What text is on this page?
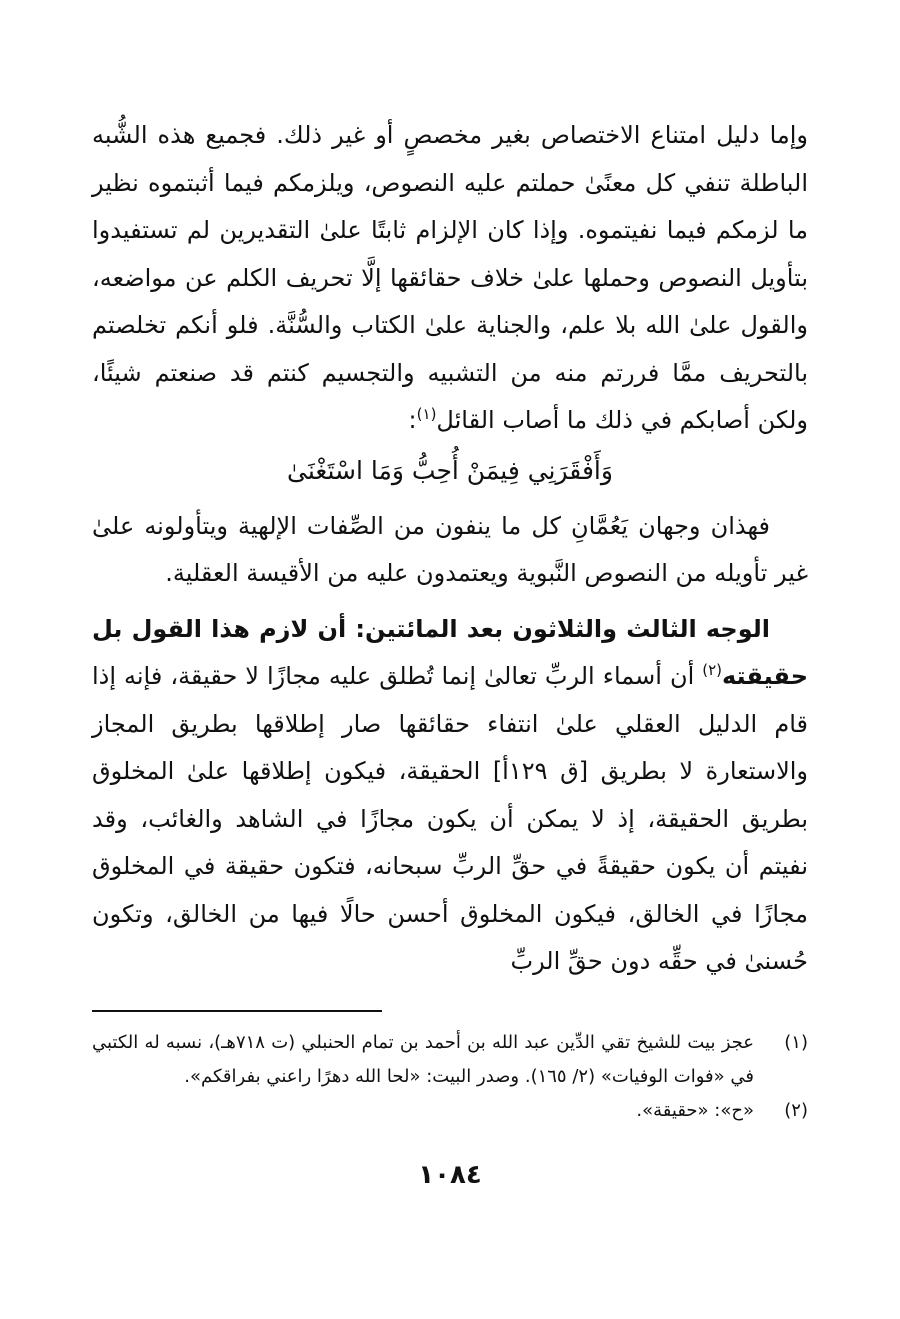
وإما دليل امتناع الاختصاص بغير مخصصٍ أو غير ذلك. فجميع هذه الشُّبه الباطلة تنفي كل معنًىٰ حملتم عليه النصوص، ويلزمكم فيما أثبتموه نظير ما لزمكم فيما نفيتموه. وإذا كان الإلزام ثابتًا علىٰ التقديرين لم تستفيدوا بتأويل النصوص وحملها علىٰ خلاف حقائقها إلَّا تحريف الكلم عن مواضعه، والقول علىٰ الله بلا علم، والجناية علىٰ الكتاب والسُّنَّة. فلو أنكم تخلصتم بالتحريف ممَّا فررتم منه من التشبيه والتجسيم كنتم قد صنعتم شيئًا، ولكن أصابكم في ذلك ما أصاب القائل$^{(١)}$:

وَأَفْقَرَنِي فِيمَنْ أُحِبُّ وَمَا اسْتَغْنَىٰ

فهذان وجهان يَعُمَّانِ كل ما ينفون من الصِّفات الإلهية ويتأولونه علىٰ غير تأويله من النصوص النَّبوية ويعتمدون عليه من الأقيسة العقلية.

الوجه الثالث والثلاثون بعد المائتين: أن لازم هذا القول بل حقيقته$^{(٢)}$ أن أسماء الربِّ تعالىٰ إنما تُطلق عليه مجازًا لا حقيقة، فإنه إذا قام الدليل العقلي علىٰ انتفاء حقائقها صار إطلاقها بطريق المجاز والاستعارة لا بطريق [ق ١٢٩أ] الحقيقة، فيكون إطلاقها علىٰ المخلوق بطريق الحقيقة، إذ لا يمكن أن يكون مجازًا في الشاهد والغائب، وقد نفيتم أن يكون حقيقةً في حقِّ الربِّ سبحانه، فتكون حقيقة في المخلوق مجازًا في الخالق، فيكون المخلوق أحسن حالًا فيها من الخالق، وتكون حُسنىٰ في حقِّه دون حقِّ الربِّ

(١)
عجز بيت للشيخ تقي الدِّين عبد الله بن أحمد بن تمام الحنبلي (ت ٧١٨هـ)، نسبه له الكتبي في «فوات الوفيات» (٢/ ١٦٥). وصدر البيت: «لحا الله دهرًا راعني بفراقكم».
(٢)
«ح»: «حقيقة».
١٠٨٤
